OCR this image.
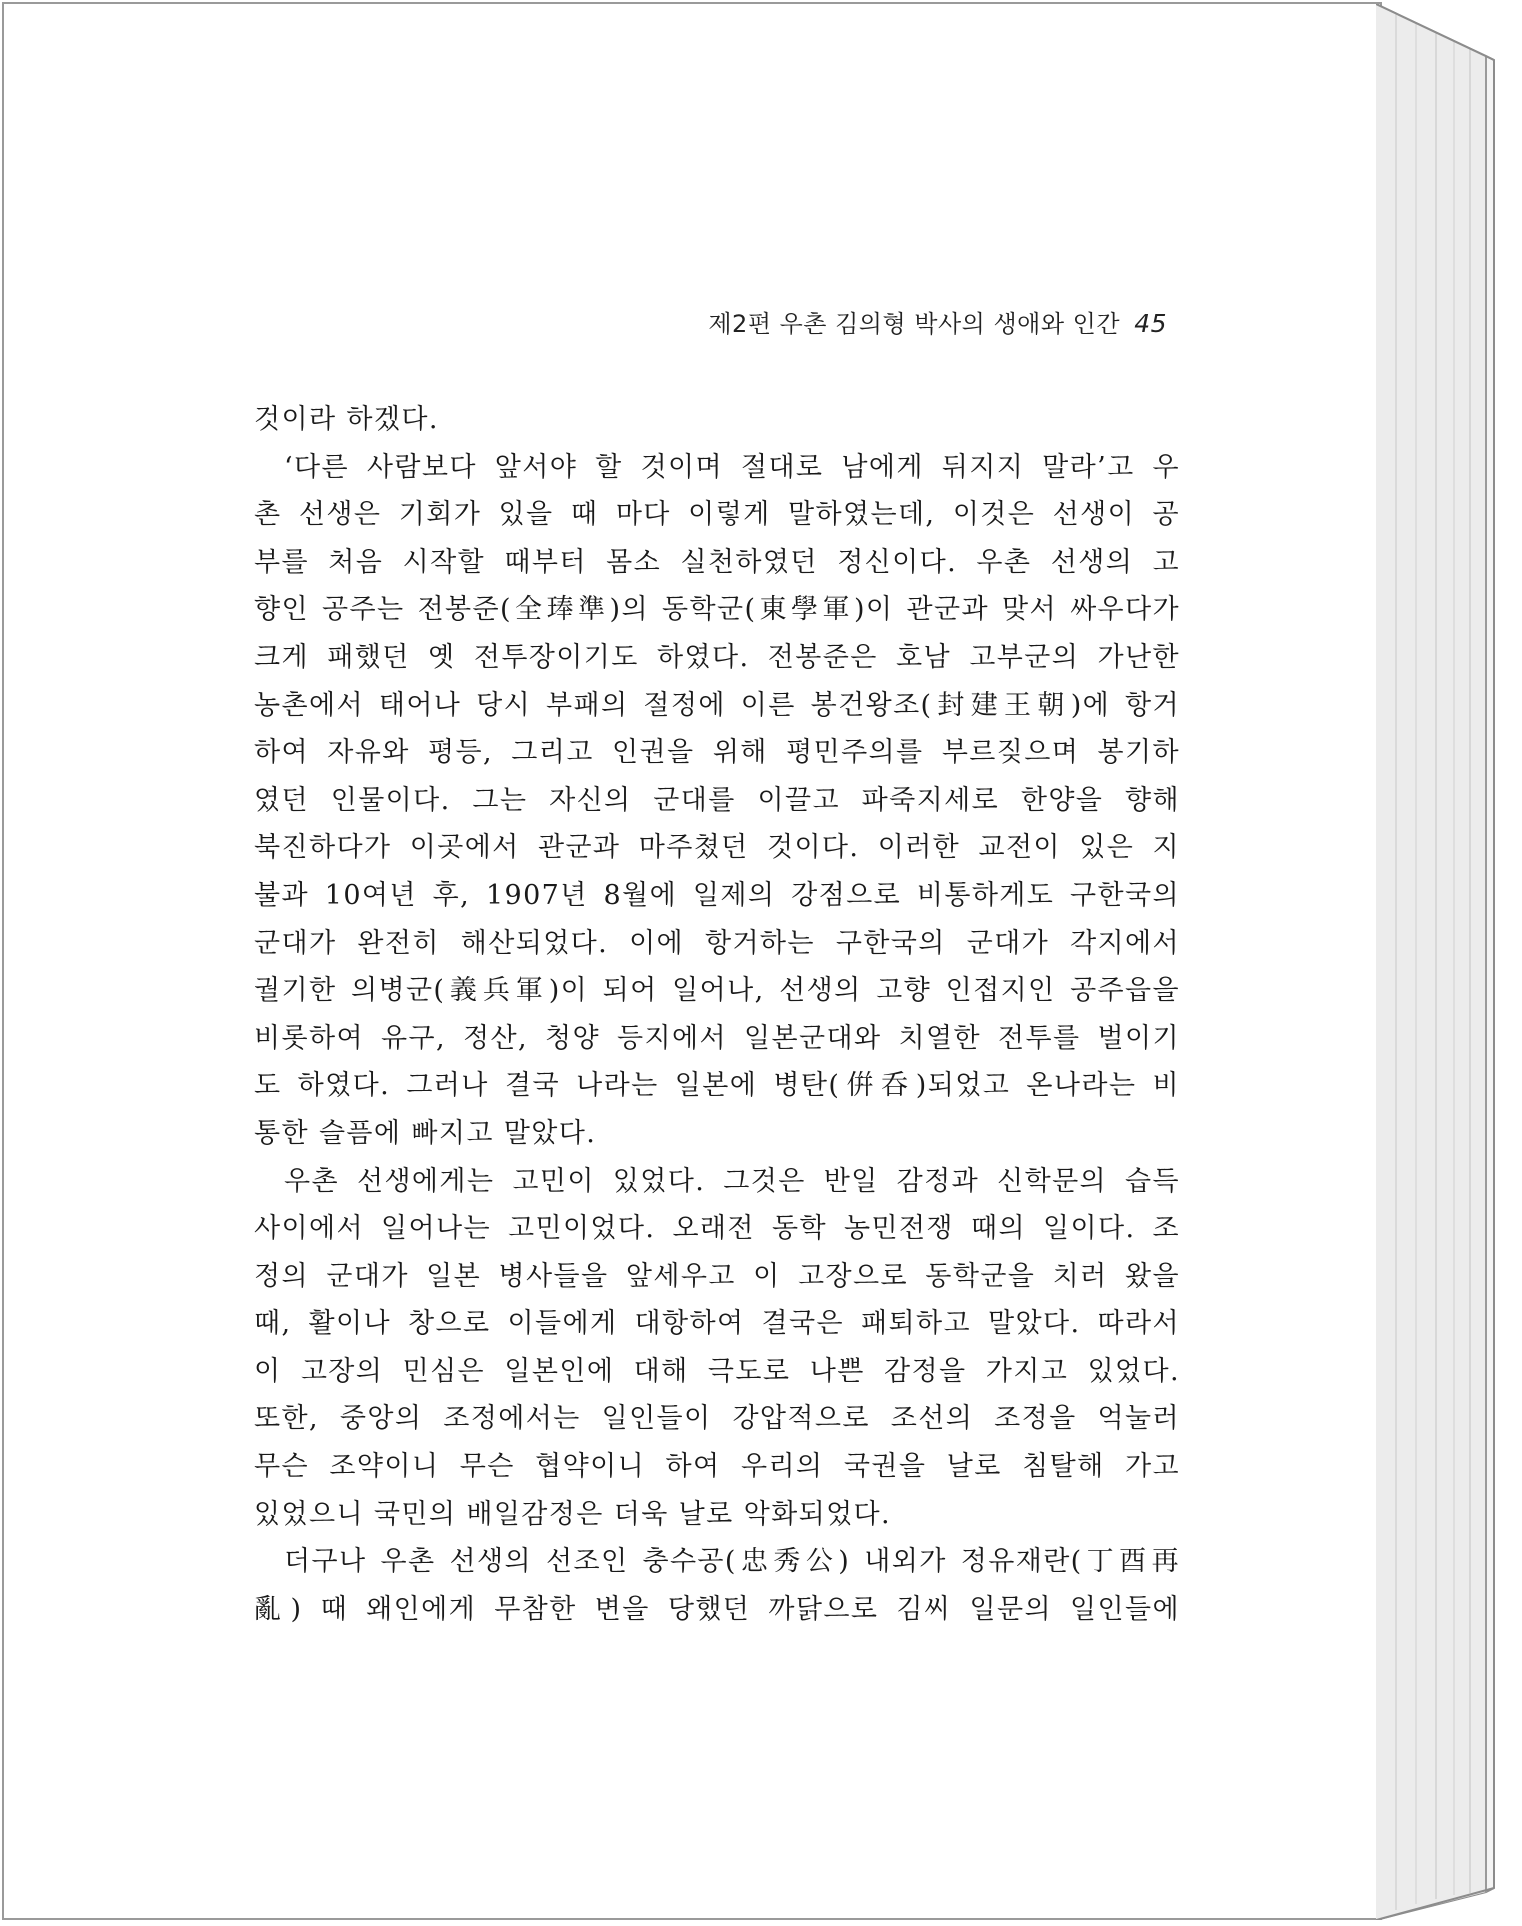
제2편 우촌 김의형 박사의 생애와 인간 45
것이라 하겠다.
‘다른 사람보다 앞서야 할 것이며 절대로 남에게 뒤지지 말라’고 우
촌 선생은 기회가 있을 때 마다 이렇게 말하였는데, 이것은 선생이 공
부를 처음 시작할 때부터 몸소 실천하였던 정신이다. 우촌 선생의 고
향인 공주는 전봉준(全琫準)의 동학군(東學軍)이 관군과 맞서 싸우다가
크게 패했던 옛 전투장이기도 하였다. 전봉준은 호남 고부군의 가난한
농촌에서 태어나 당시 부패의 절정에 이른 봉건왕조(封建王朝)에 항거
하여 자유와 평등, 그리고 인권을 위해 평민주의를 부르짖으며 봉기하
였던 인물이다. 그는 자신의 군대를 이끌고 파죽지세로 한양을 향해
북진하다가 이곳에서 관군과 마주쳤던 것이다. 이러한 교전이 있은 지
불과 10여년 후, 1907년 8월에 일제의 강점으로 비통하게도 구한국의
군대가 완전히 해산되었다. 이에 항거하는 구한국의 군대가 각지에서
궐기한 의병군(義兵軍)이 되어 일어나, 선생의 고향 인접지인 공주읍을
비롯하여 유구, 정산, 청양 등지에서 일본군대와 치열한 전투를 벌이기
도 하였다. 그러나 결국 나라는 일본에 병탄(倂呑)되었고 온나라는 비
통한 슬픔에 빠지고 말았다.
우촌 선생에게는 고민이 있었다. 그것은 반일 감정과 신학문의 습득
사이에서 일어나는 고민이었다. 오래전 동학 농민전쟁 때의 일이다. 조
정의 군대가 일본 병사들을 앞세우고 이 고장으로 동학군을 치러 왔을
때, 활이나 창으로 이들에게 대항하여 결국은 패퇴하고 말았다. 따라서
이 고장의 민심은 일본인에 대해 극도로 나쁜 감정을 가지고 있었다.
또한, 중앙의 조정에서는 일인들이 강압적으로 조선의 조정을 억눌러
무슨 조약이니 무슨 협약이니 하여 우리의 국권을 날로 침탈해 가고
있었으니 국민의 배일감정은 더욱 날로 악화되었다.
더구나 우촌 선생의 선조인 충수공(忠秀公) 내외가 정유재란(丁酉再
亂) 때 왜인에게 무참한 변을 당했던 까닭으로 김씨 일문의 일인들에
